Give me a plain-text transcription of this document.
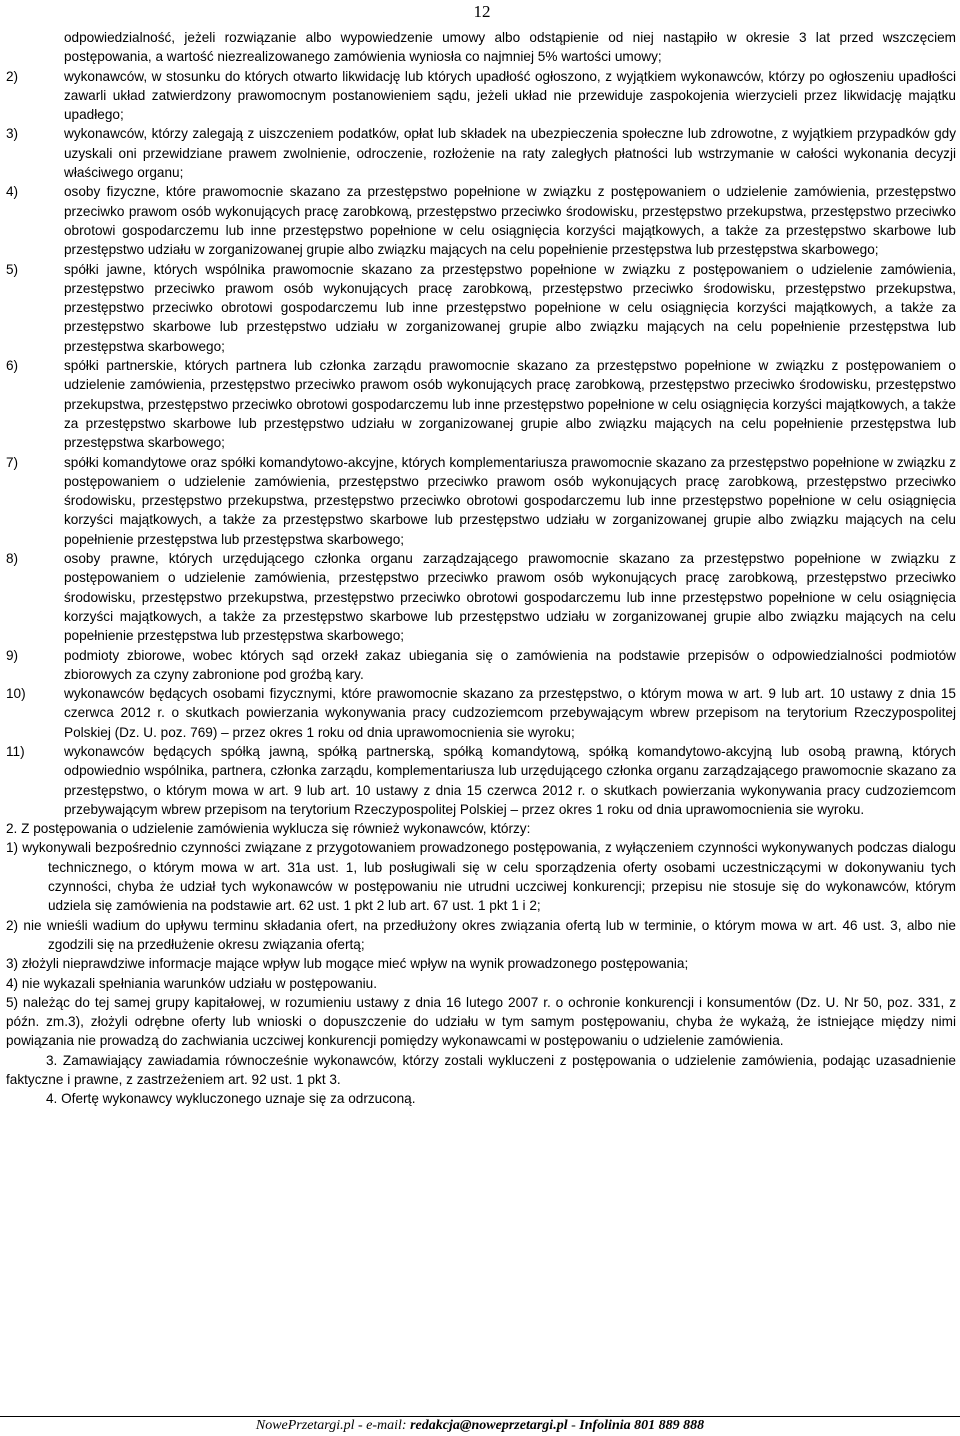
12

odpowiedzialność, jeżeli rozwiązanie albo wypowiedzenie umowy albo odstąpienie od niej nastąpiło w okresie 3 lat przed wszczęciem postępowania, a wartość niezrealizowanego zamówienia wyniosła co najmniej 5% wartości umowy;

2)	wykonawców, w stosunku do których otwarto likwidację lub których upadłość ogłoszono, z wyjątkiem wykonawców, którzy po ogłoszeniu upadłości zawarli układ zatwierdzony prawomocnym postanowieniem sądu, jeżeli układ nie przewiduje zaspokojenia wierzycieli przez likwidację majątku upadłego;
3)	wykonawców, którzy zalegają z uiszczeniem podatków, opłat lub składek na ubezpieczenia społeczne lub zdrowotne, z wyjątkiem przypadków gdy uzyskali oni przewidziane prawem zwolnienie, odroczenie, rozłożenie na raty zaległych płatności lub wstrzymanie w całości wykonania decyzji właściwego organu;
4)	osoby fizyczne, które prawomocnie skazano za przestępstwo popełnione w związku z postępowaniem o udzielenie zamówienia, przestępstwo przeciwko prawom osób wykonujących pracę zarobkową, przestępstwo przeciwko środowisku, przestępstwo przekupstwa, przestępstwo przeciwko obrotowi gospodarczemu lub inne przestępstwo popełnione w celu osiągnięcia korzyści majątkowych, a także za przestępstwo skarbowe lub przestępstwo udziału w zorganizowanej grupie albo związku mających na celu popełnienie przestępstwa lub przestępstwa skarbowego;
5)	spółki jawne, których wspólnika prawomocnie skazano za przestępstwo popełnione w związku z postępowaniem o udzielenie zamówienia, przestępstwo przeciwko prawom osób wykonujących pracę zarobkową, przestępstwo przeciwko środowisku, przestępstwo przekupstwa, przestępstwo przeciwko obrotowi gospodarczemu lub inne przestępstwo popełnione w celu osiągnięcia korzyści majątkowych, a także za przestępstwo skarbowe lub przestępstwo udziału w zorganizowanej grupie albo związku mających na celu popełnienie przestępstwa lub przestępstwa skarbowego;
6)	spółki partnerskie, których partnera lub członka zarządu prawomocnie skazano za przestępstwo popełnione w związku z postępowaniem o udzielenie zamówienia, przestępstwo przeciwko prawom osób wykonujących pracę zarobkową, przestępstwo przeciwko środowisku, przestępstwo przekupstwa, przestępstwo przeciwko obrotowi gospodarczemu lub inne przestępstwo popełnione w celu osiągnięcia korzyści majątkowych, a także za przestępstwo skarbowe lub przestępstwo udziału w zorganizowanej grupie albo związku mających na celu popełnienie przestępstwa lub przestępstwa skarbowego;
7)	spółki komandytowe oraz spółki komandytowo-akcyjne, których komplementariusza prawomocnie skazano za przestępstwo popełnione w związku z postępowaniem o udzielenie zamówienia, przestępstwo przeciwko prawom osób wykonujących pracę zarobkową, przestępstwo przeciwko środowisku, przestępstwo przekupstwa, przestępstwo przeciwko obrotowi gospodarczemu lub inne przestępstwo popełnione w celu osiągnięcia korzyści majątkowych, a także za przestępstwo skarbowe lub przestępstwo udziału w zorganizowanej grupie albo związku mających na celu popełnienie przestępstwa lub przestępstwa skarbowego;
8)	osoby prawne, których urzędującego członka organu zarządzającego prawomocnie skazano za przestępstwo popełnione w związku z postępowaniem o udzielenie zamówienia, przestępstwo przeciwko prawom osób wykonujących pracę zarobkową, przestępstwo przeciwko środowisku, przestępstwo przekupstwa, przestępstwo przeciwko obrotowi gospodarczemu lub inne przestępstwo popełnione w celu osiągnięcia korzyści majątkowych, a także za przestępstwo skarbowe lub przestępstwo udziału w zorganizowanej grupie albo związku mających na celu popełnienie przestępstwa lub przestępstwa skarbowego;
9)	podmioty zbiorowe, wobec których sąd orzekł zakaz ubiegania się o zamówienia na podstawie przepisów o odpowiedzialności podmiotów zbiorowych za czyny zabronione pod groźbą kary.
10)	wykonawców będących osobami fizycznymi, które prawomocnie skazano za przestępstwo, o którym mowa w art. 9 lub art. 10 ustawy z dnia 15 czerwca 2012 r. o skutkach powierzania wykonywania pracy cudzoziemcom przebywającym wbrew przepisom na terytorium Rzeczypospolitej Polskiej (Dz. U. poz. 769) – przez okres 1 roku od dnia uprawomocnienia sie wyroku;
11)	wykonawców będących spółką jawną, spółką partnerską, spółką komandytową, spółką komandytowo-akcyjną lub osobą prawną, których odpowiednio wspólnika, partnera, członka zarządu, komplementariusza lub urzędującego członka organu zarządzającego prawomocnie skazano za przestępstwo, o którym mowa w art. 9 lub art. 10 ustawy z dnia 15 czerwca 2012 r. o skutkach powierzania wykonywania pracy cudzoziemcom przebywającym wbrew przepisom na terytorium Rzeczypospolitej Polskiej – przez okres 1 roku od dnia uprawomocnienia sie wyroku.

2. Z postępowania o udzielenie zamówienia wyklucza się również wykonawców, którzy:

1) wykonywali bezpośrednio czynności związane z przygotowaniem prowadzonego postępowania, z wyłączeniem czynności wykonywanych podczas dialogu technicznego, o którym mowa w art. 31a ust. 1, lub posługiwali się w celu sporządzenia oferty osobami uczestniczącymi w dokonywaniu tych czynności, chyba że udział tych wykonawców w postępowaniu nie utrudni uczciwej konkurencji; przepisu nie stosuje się do wykonawców, którym udziela się zamówienia na podstawie art. 62 ust. 1 pkt 2 lub art. 67 ust. 1 pkt 1 i 2;

2) nie wnieśli wadium do upływu terminu składania ofert, na przedłużony okres związania ofertą lub w terminie, o którym mowa w art. 46 ust. 3, albo nie zgodzili się na przedłużenie okresu związania ofertą;

3) złożyli nieprawdziwe informacje mające wpływ lub mogące mieć wpływ na wynik prowadzonego postępowania;

4) nie wykazali spełniania warunków udziału w postępowaniu.

5) należąc do tej samej grupy kapitałowej, w rozumieniu ustawy z dnia 16 lutego 2007 r. o ochronie konkurencji i konsumentów (Dz. U. Nr 50, poz. 331, z późn. zm.3), złożyli odrębne oferty lub wnioski o dopuszczenie do udziału w tym samym postępowaniu, chyba że wykażą, że istniejące między nimi powiązania nie prowadzą do zachwiania uczciwej konkurencji pomiędzy wykonawcami w postępowaniu o udzielenie zamówienia.

3. Zamawiający zawiadamia równocześnie wykonawców, którzy zostali wykluczeni z postępowania o udzielenie zamówienia, podając uzasadnienie faktyczne i prawne, z zastrzeżeniem art. 92 ust. 1 pkt 3.

4. Ofertę wykonawcy wykluczonego uznaje się za odrzuconą.

NowePrzetargi.pl - e-mail: redakcja@noweprzetargi.pl - Infolinia 801 889 888
